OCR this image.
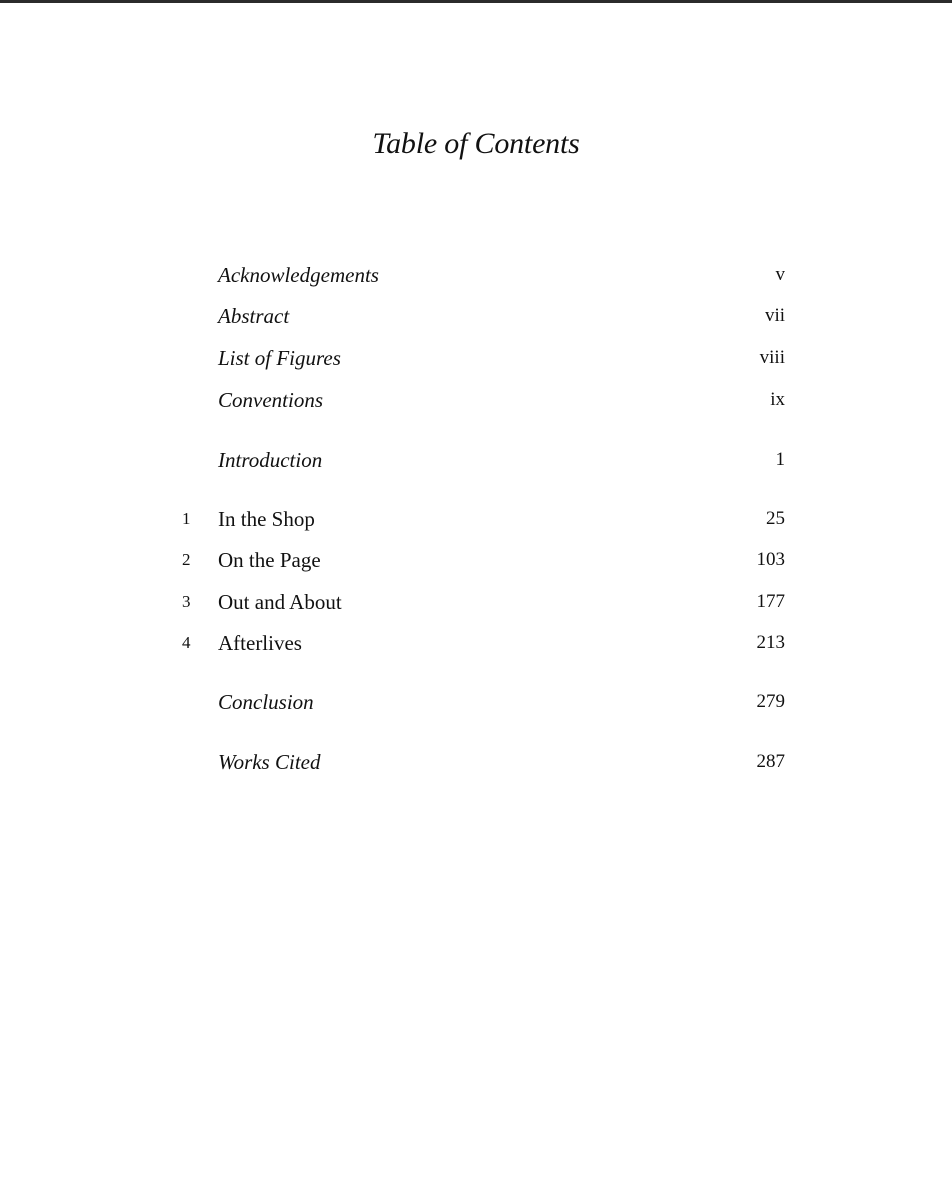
Table of Contents
Acknowledgements	v
Abstract	vii
List of Figures	viii
Conventions	ix
Introduction	1
1	In the Shop	25
2	On the Page	103
3	Out and About	177
4	Afterlives	213
Conclusion	279
Works Cited	287
